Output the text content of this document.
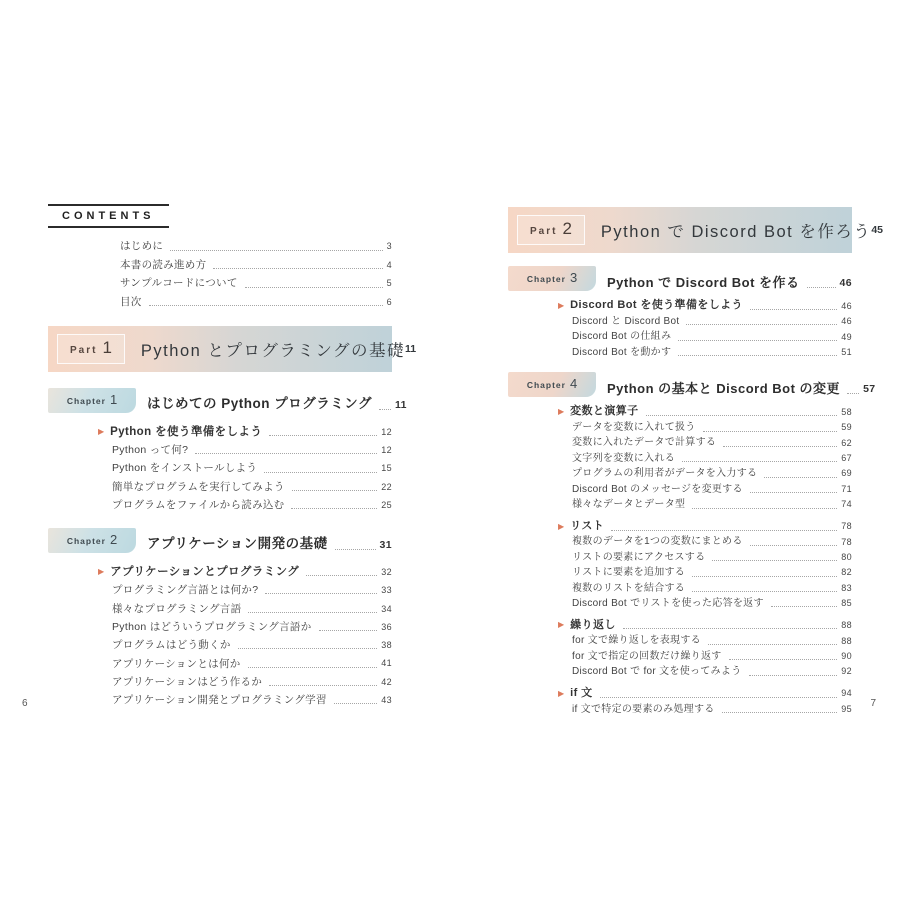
CONTENTS
はじめに	3
本書の読み進め方	4
サンプルコードについて	5
目次	6
Part 1 Python とプログラミングの基礎 11
Chapter 1 はじめての Python プログラミング 11
▶ Python を使う準備をしよう	12
Python って何?	12
Python をインストールしよう	15
簡単なプログラムを実行してみよう	22
プログラムをファイルから読み込む	25
Chapter 2 アプリケーション開発の基礎	31
▶ アプリケーションとプログラミング	32
プログラミング言語とは何か?	33
様々なプログラミング言語	34
Python はどういうプログラミング言語か	36
プログラムはどう動くか	38
アプリケーションとは何か	41
アプリケーションはどう作るか	42
アプリケーション開発とプログラミング学習	43
Part 2 Python で Discord Bot を作ろう 45
Chapter 3 Python で Discord Bot を作る	46
▶ Discord Bot を使う準備をしよう	46
Discord と Discord Bot	46
Discord Bot の仕組み	49
Discord Bot を動かす	51
Chapter 4 Python の基本と Discord Bot の変更 57
▶ 変数と演算子	58
データを変数に入れて扱う	59
変数に入れたデータで計算する	62
文字列を変数に入れる	67
プログラムの利用者がデータを入力する	69
Discord Bot のメッセージを変更する	71
様々なデータとデータ型	74
▶ リスト	78
複数のデータを1つの変数にまとめる	78
リストの要素にアクセスする	80
リストに要素を追加する	82
複数のリストを結合する	83
Discord Bot でリストを使った応答を返す	85
▶ 繰り返し	88
for 文で繰り返しを表現する	88
for 文で指定の回数だけ繰り返す	90
Discord Bot で for 文を使ってみよう	92
▶ if 文	94
if 文で特定の要素のみ処理する	95
6	7
